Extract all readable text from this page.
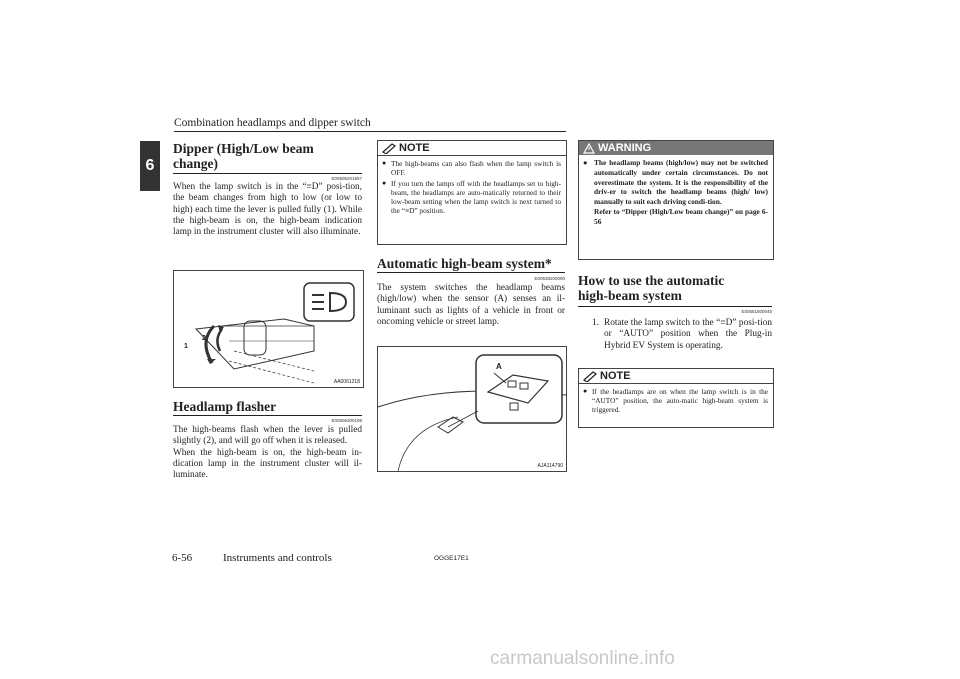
Combination headlamps and dipper switch
6
Dipper (High/Low beam change)
E00506201557

When the lamp switch is in the “≡D” posi-tion, the beam changes from high to low (or low to high) each time the lever is pulled fully (1). While the high-beam is on, the high-beam indication lamp in the instrument cluster will also illuminate.

1
2
AA0061218
Headlamp flasher
E00506300199

The high-beams flash when the lever is pulled slightly (2), and will go off when it is released.

When the high-beam is on, the high-beam in-dication lamp in the instrument cluster will il-luminate.

NOTE
● The high-beams can also flash when the lamp switch is OFF.
● If you turn the lamps off with the headlamps set to high-beam, the headlamps are auto-matically returned to their low-beam setting when the lamp switch is next turned to the “≡D” position.
Automatic high-beam system*
E00538200090

The system switches the headlamp beams (high/low) when the sensor (A) senses an il-luminant such as lights of a vehicle in front or oncoming vehicle or street lamp.

A
AJA114790
WARNING
● The headlamp beams (high/low) may not be switched automatically under certain circumstances. Do not overestimate the system. It is the responsibility of the driv-er to switch the headlamp beams (high/ low) manually to suit each driving condi-tion.
Refer to “Dipper (High/Low beam change)” on page 6-56
How to use the automatic high-beam system
E00551500045
1. Rotate the lamp switch to the “≡D” posi-tion or “AUTO” position when the Plug-in Hybrid EV System is operating.
NOTE
● If the headlamps are on when the lamp switch is in the “AUTO” position, the auto-matic high-beam system is triggered.
6-56	Instruments and controls	OGGE17E1
carmanualsonline.info
